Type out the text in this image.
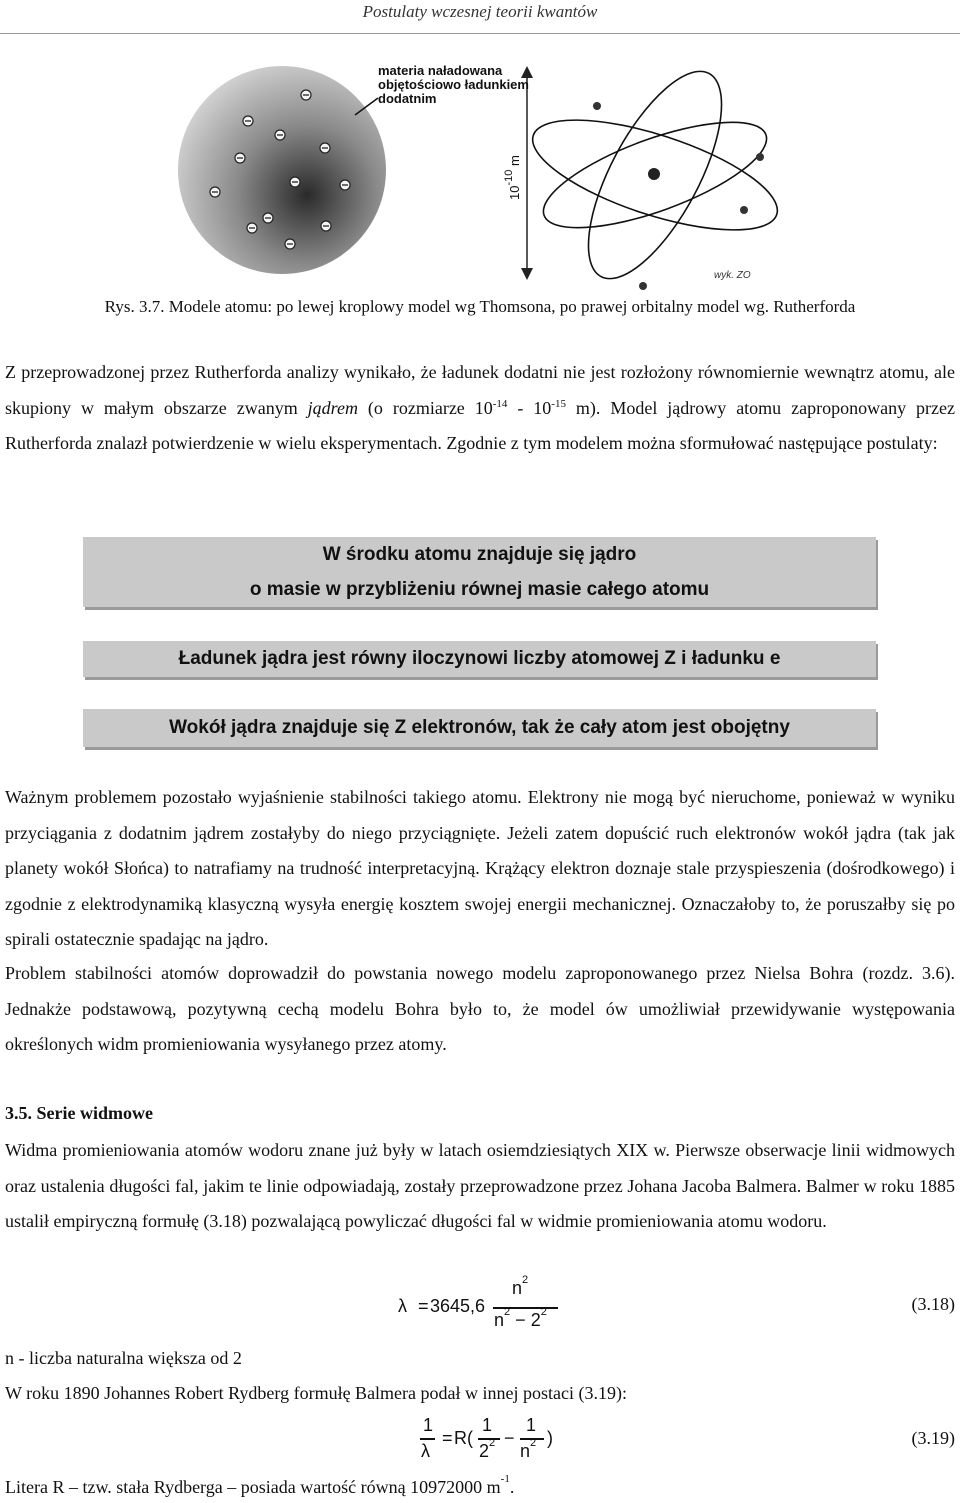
Postulaty wczesnej teorii kwantów
materia naładowana
objętościowo ładunkiem
dodatnim
$10^{-10}$ m
wyk. ZO
Rys. 3.7. Modele atomu: po lewej kroplowy model wg Thomsona, po prawej orbitalny model wg. Rutherforda
Z przeprowadzonej przez Rutherforda analizy wynikało, że ładunek dodatni nie jest rozłożony równomiernie wewnątrz atomu, ale skupiony w małym obszarze zwanym jądrem (o rozmiarze $10^{-14} - 10^{-15}$ m). Model jądrowy atomu zaproponowany przez Rutherforda znalazł potwierdzenie w wielu eksperymentach. Zgodnie z tym modelem można sformułować następujące postulaty:
W środku atomu znajduje się jądro
o masie w przybliżeniu równej masie całego atomu
Ładunek jądra jest równy iloczynowi liczby atomowej Z i ładunku e
Wokół jądra znajduje się Z elektronów, tak że cały atom jest obojętny
Ważnym problemem pozostało wyjaśnienie stabilności takiego atomu. Elektrony nie mogą być nieruchome, ponieważ w wyniku przyciągania z dodatnim jądrem zostałyby do niego przyciągnięte. Jeżeli zatem dopuścić ruch elektronów wokół jądra (tak jak planety wokół Słońca) to natrafiamy na trudność interpretacyjną. Krążący elektron doznaje stale przyspieszenia (dośrodkowego) i zgodnie z elektrodynamiką klasyczną wysyła energię kosztem swojej energii mechanicznej. Oznaczałoby to, że poruszałby się po spirali ostatecznie spadając na jądro.
Problem stabilności atomów doprowadził do powstania nowego modelu zaproponowanego przez Nielsa Bohra (rozdz. 3.6). Jednakże podstawową, pozytywną cechą modelu Bohra było to, że model ów umożliwiał przewidywanie występowania określonych widm promieniowania wysyłanego przez atomy.
3.5. Serie widmowe
Widma promieniowania atomów wodoru znane już były w latach osiemdziesiątych XIX w. Pierwsze obserwacje linii widmowych oraz ustalenia długości fal, jakim te linie odpowiadają, zostały przeprowadzone przez Johana Jacoba Balmera. Balmer w roku 1885 ustalił empiryczną formułę (3.18) pozwalającą powyliczać długości fal w widmie promieniowania atomu wodoru.
λ = 3645,6
$n^2$
$n^2 - 2^2$	(3.18)
n - liczba naturalna większa od 2
W roku 1890 Johannes Robert Rydberg formułę Balmera podał w innej postaci (3.19):
1
λ
= R(
1
$2^2$ −
1
$n^2$ )	(3.19)
Litera R – tzw. stała Rydberga – posiada wartość równą 10972000 $m^{-1}$.
